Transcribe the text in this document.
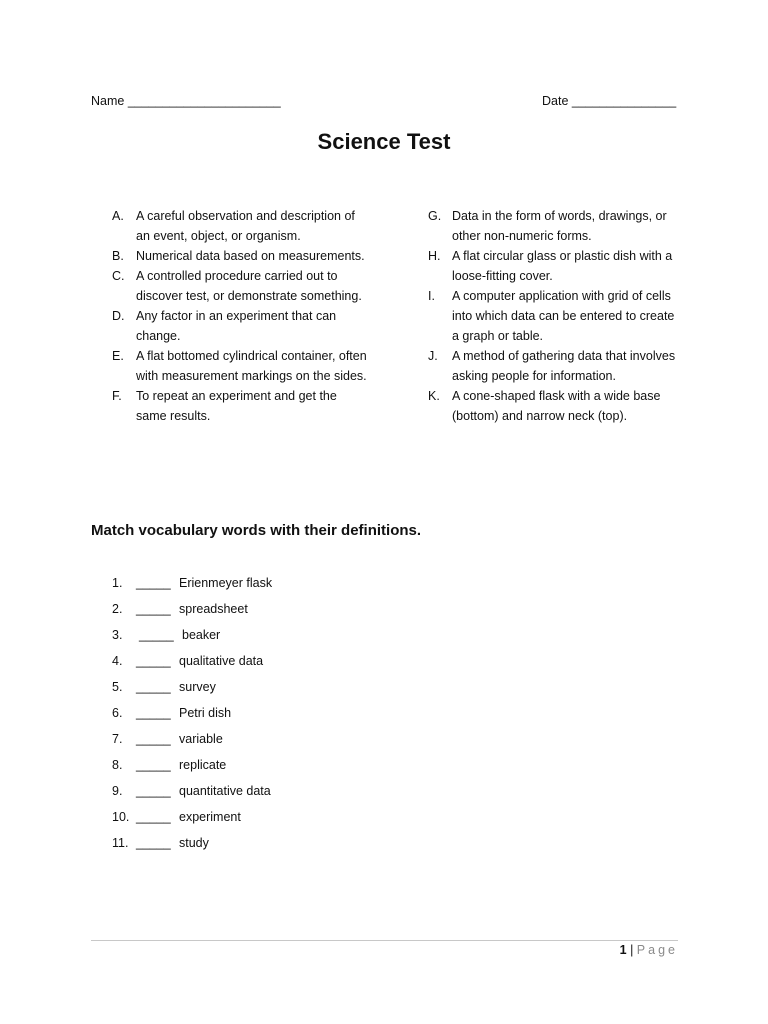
Name ______________________	Date _______________
Science Test
A. A careful observation and description of an event, object, or organism.
B. Numerical data based on measurements.
C. A controlled procedure carried out to discover test, or demonstrate something.
D. Any factor in an experiment that can change.
E. A flat bottomed cylindrical container, often with measurement markings on the sides.
F.	To repeat an experiment and get the same results.
G. Data in the form of words, drawings, or other non-numeric forms.
H. A flat circular glass or plastic dish with a loose-fitting cover.
I.	A computer application with grid of cells into which data can be entered to create a graph or table.
J.	A method of gathering data that involves asking people for information.
K. A cone-shaped flask with a wide base (bottom) and narrow neck (top).
Match vocabulary words with their definitions.
1.	_____ Erienmeyer flask
2.	_____ spreadsheet
3.	_____ beaker
4.	_____ qualitative data
5.	_____ survey
6.	_____ Petri dish
7.	_____ variable
8.	_____ replicate
9.	_____ quantitative data
10. _____ experiment
11. _____ study
1 | Page
